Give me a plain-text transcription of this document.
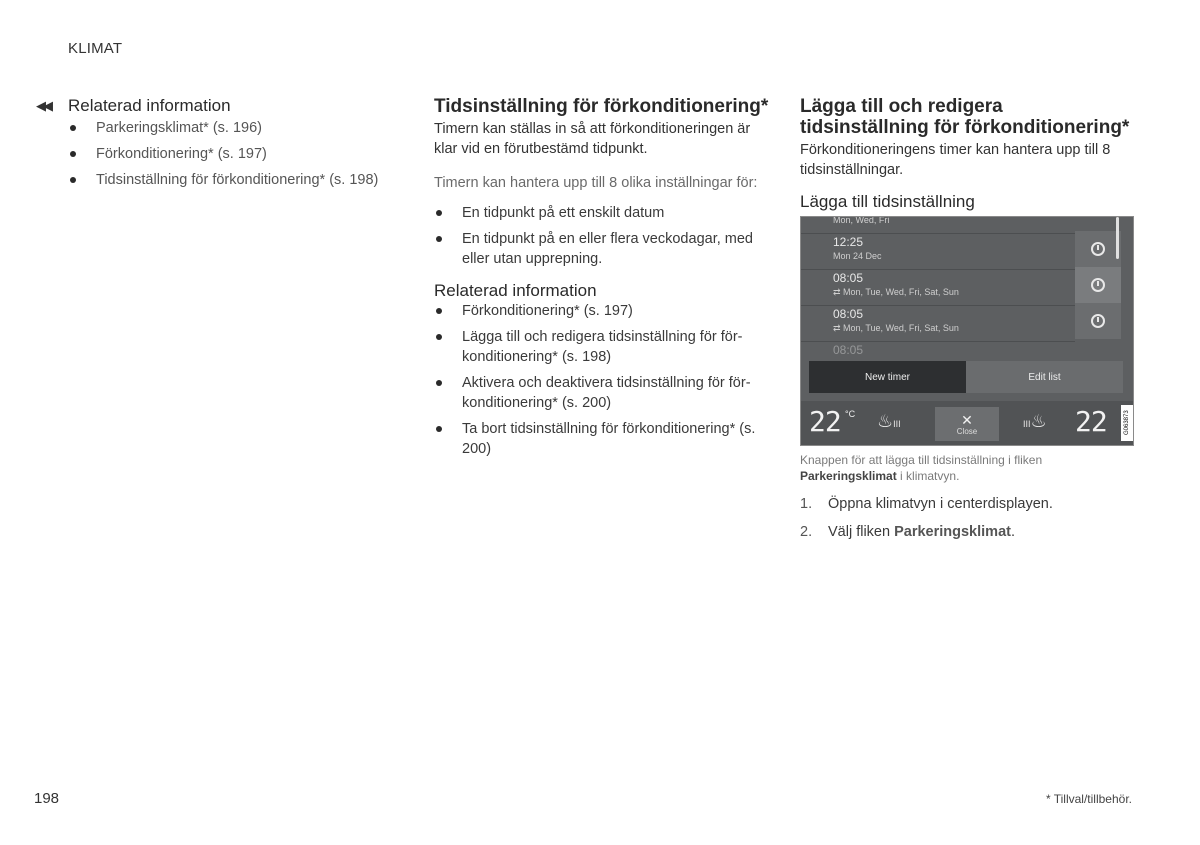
KLIMAT
◀◀	Relaterad information
Parkeringsklimat* (s. 196)
Förkonditionering* (s. 197)
Tidsinställning för förkonditionering* (s. 198)
Tidsinställning för förkonditionering*

Timern kan ställas in så att förkonditioneringen är klar vid en förutbestämd tidpunkt.

Timern kan hantera upp till 8 olika inställningar för:

En tidpunkt på ett enskilt datum
En tidpunkt på en eller flera veckodagar, med eller utan upprepning.
Relaterad information
Förkonditionering* (s. 197)
Lägga till och redigera tidsinställning för för-konditionering* (s. 198)
Aktivera och deaktivera tidsinställning för för-konditionering* (s. 200)
Ta bort tidsinställning för förkonditionering* (s. 200)
Lägga till och redigera tidsinställning för förkonditionering*

Förkonditioneringens timer kan hantera upp till 8 tidsinställningar.

Lägga till tidsinställning
Mon, Wed, Fri
12:25
Mon 24 Dec
08:05
⇄ Mon, Tue, Wed, Fri, Sat, Sun
08:05
⇄ Mon, Tue, Wed, Fri, Sat, Sun
08:05
New timer	Edit list
22 °C ♨III	✕
Close
III♨ 22	G063873

Knappen för att lägga till tidsinställning i fliken
Parkeringsklimat i klimatvyn.

1. Öppna klimatvyn i centerdisplayen.
2. Välj fliken Parkeringsklimat.
198	* Tillval/tillbehör.
